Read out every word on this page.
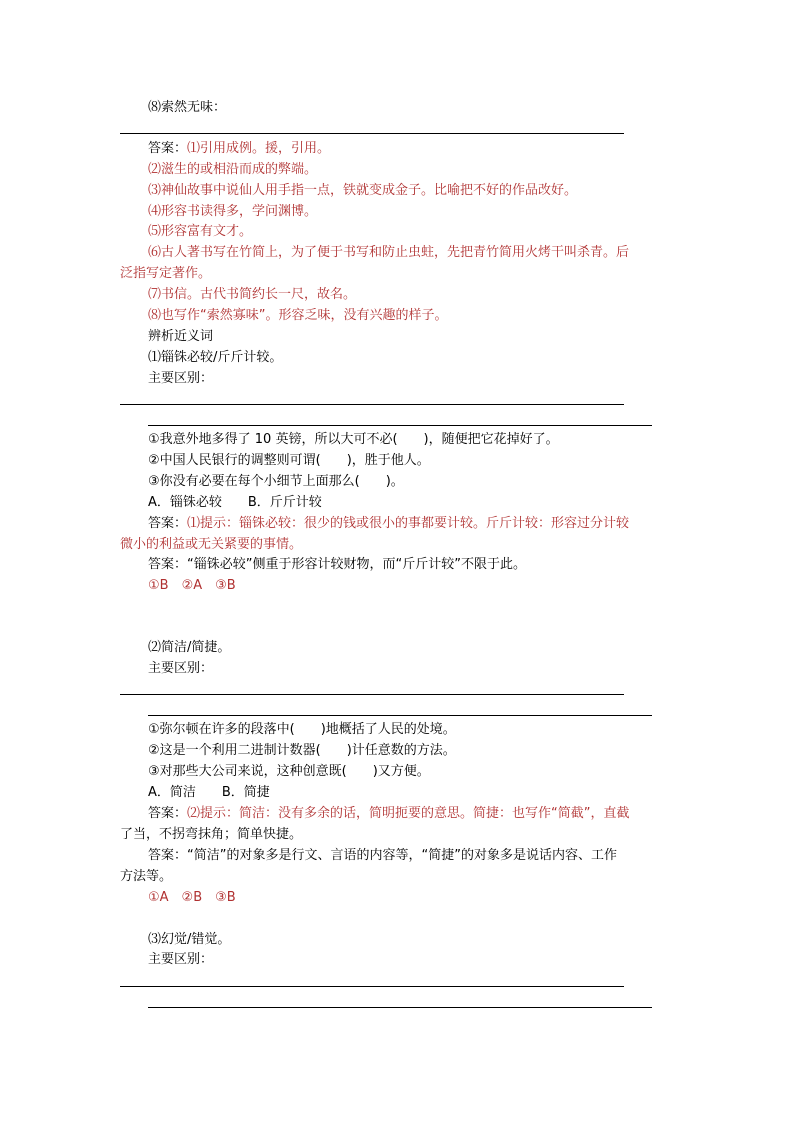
⑻索然无味：
答案：⑴引用成例。援，引用。
⑵滋生的或相沿而成的弊端。
⑶神仙故事中说仙人用手指一点，铁就变成金子。比喻把不好的作品改好。
⑷形容书读得多，学问渊博。
⑸形容富有文才。
⑹古人著书写在竹简上，为了便于书写和防止虫蛀，先把青竹简用火烤干叫杀青。后
泛指写定著作。
⑺书信。古代书简约长一尺，故名。
⑻也写作“索然寡味”。形容乏味，没有兴趣的样子。
辨析近义词
⑴锱铢必较/斤斤计较。
主要区别：
①我意外地多得了 10 英镑，所以大可不必(　　)，随便把它花掉好了。
②中国人民银行的调整则可谓(　　)，胜于他人。
③你没有必要在每个小细节上面那么(　　)。
A．锱铢必较　　B．斤斤计较
答案：⑴提示：锱铢必较：很少的钱或很小的事都要计较。斤斤计较：形容过分计较
微小的利益或无关紧要的事情。
答案：“锱铢必较”侧重于形容计较财物，而“斤斤计较”不限于此。
①B　②A　③B
⑵简洁/简捷。
主要区别：
①弥尔顿在许多的段落中(　　)地概括了人民的处境。
②这是一个利用二进制计数器(　　)计任意数的方法。
③对那些大公司来说，这种创意既(　　)又方便。
A．简洁　　B．简捷
答案：⑵提示：简洁：没有多余的话，简明扼要的意思。简捷：也写作“简截”，直截
了当，不拐弯抹角；简单快捷。
答案：“简洁”的对象多是行文、言语的内容等，“简捷”的对象多是说话内容、工作
方法等。
①A　②B　③B
⑶幻觉/错觉。
主要区别：
